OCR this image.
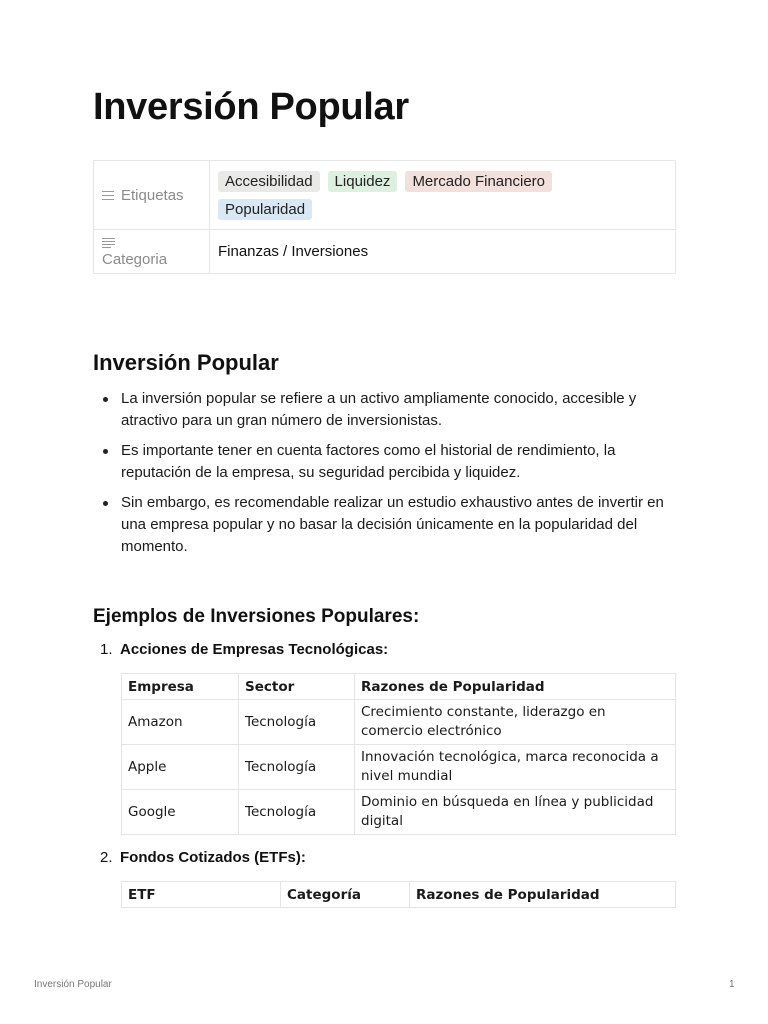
Inversión Popular
Etiquetas	Accesibilidad Liquidez Mercado Financiero
Popularidad

Categoria	Finanzas / Inversiones
Inversión Popular
La inversión popular se refiere a un activo ampliamente conocido, accesible y atractivo para un gran número de inversionistas.
Es importante tener en cuenta factores como el historial de rendimiento, la reputación de la empresa, su seguridad percibida y liquidez.
Sin embargo, es recomendable realizar un estudio exhaustivo antes de invertir en una empresa popular y no basar la decisión únicamente en la popularidad del momento.
Ejemplos de Inversiones Populares:
1. Acciones de Empresas Tecnológicas:
Empresa	Sector	Razones de Popularidad
Amazon	Tecnología	Crecimiento constante, liderazgo en comercio electrónico
Apple	Tecnología	Innovación tecnológica, marca reconocida a nivel mundial
Google	Tecnología	Dominio en búsqueda en línea y publicidad digital
2. Fondos Cotizados (ETFs):
ETF	Categoría	Razones de Popularidad
Inversión Popular	1
